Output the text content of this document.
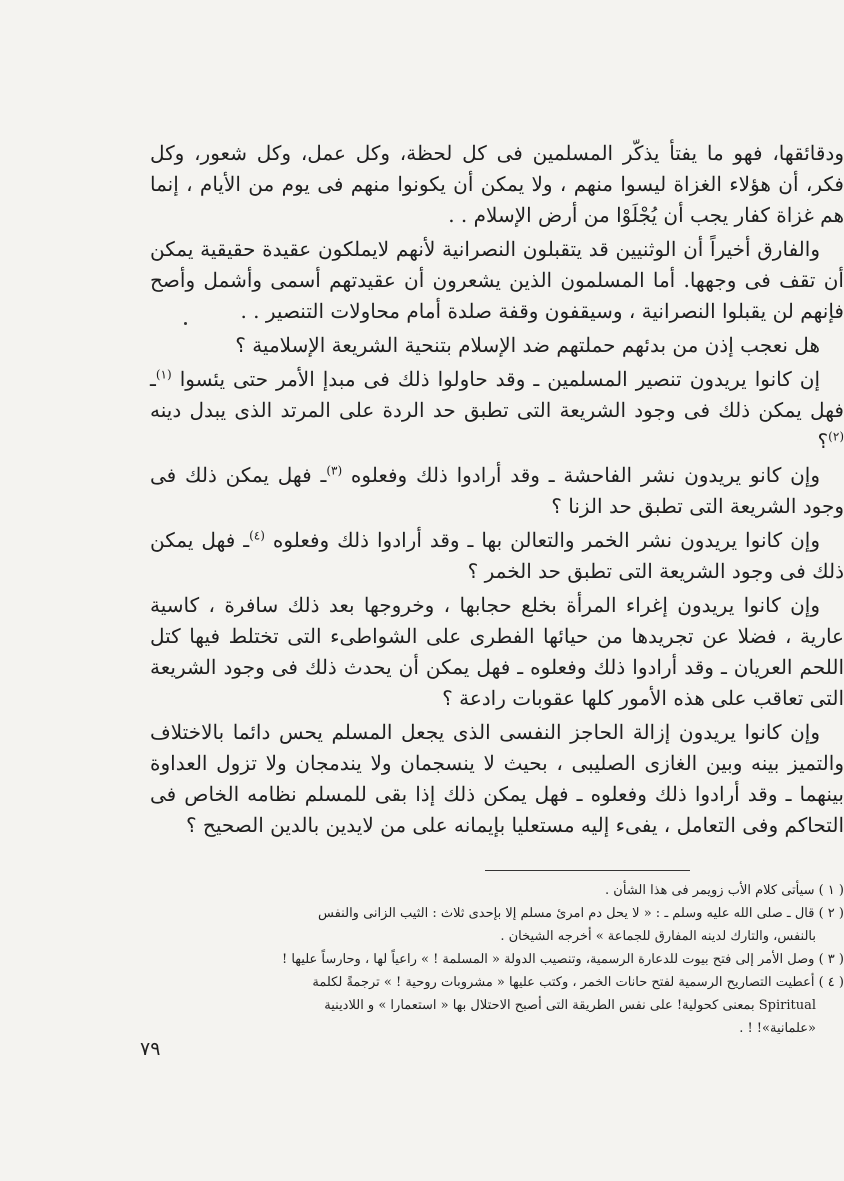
ودقائقها، فهو ما يفتأ يذكّر المسلمين فى كل لحظة، وكل عمل، وكل شعور، وكل فكر، أن هؤلاء الغزاة ليسوا منهم ، ولا يمكن أن يكونوا منهم فى يوم من الأيام ، إنما هم غزاة كفار يجب أن يُجْلَوْا من أرض الإسلام . .

والفارق أخيراً أن الوثنيين قد يتقبلون النصرانية لأنهم لايملكون عقيدة حقيقية يمكن أن تقف فى وجهها. أما المسلمون الذين يشعرون أن عقيدتهم أسمى وأشمل وأصح فإنهم لن يقبلوا النصرانية ، وسيقفون وقفة صلدة أمام محاولات التنصير . .

هل نعجب إذن من بدئهم حملتهم ضد الإسلام بتنحية الشريعة الإسلامية ؟

إن كانوا يريدون تنصير المسلمين ـ وقد حاولوا ذلك فى مبدإ الأمر حتى يئسوا $^{(١)}$ـ فهل يمكن ذلك فى وجود الشريعة التى تطبق حد الردة على المرتد الذى يبدل دينه $^{(٢)}$؟

وإن كانو يريدون نشر الفاحشة ـ وقد أرادوا ذلك وفعلوه $^{(٣)}$ـ فهل يمكن ذلك فى وجود الشريعة التى تطبق حد الزنا ؟

وإن كانوا يريدون نشر الخمر والتعالن بها ـ وقد أرادوا ذلك وفعلوه $^{(٤)}$ـ فهل يمكن ذلك فى وجود الشريعة التى تطبق حد الخمر ؟

وإن كانوا يريدون إغراء المرأة بخلع حجابها ، وخروجها بعد ذلك سافرة ، كاسية عارية ، فضلا عن تجريدها من حيائها الفطرى على الشواطىء التى تختلط فيها كتل اللحم العريان ـ وقد أرادوا ذلك وفعلوه ـ فهل يمكن أن يحدث ذلك فى وجود الشريعة التى تعاقب على هذه الأمور كلها عقوبات رادعة ؟

وإن كانوا يريدون إزالة الحاجز النفسى الذى يجعل المسلم يحس دائما بالاختلاف والتميز بينه وبين الغازى الصليبى ، بحيث لا ينسجمان ولا يندمجان ولا تزول العداوة بينهما ـ وقد أرادوا ذلك وفعلوه ـ فهل يمكن ذلك إذا بقى للمسلم نظامه الخاص فى التحاكم وفى التعامل ، يفىء إليه مستعليا بإيمانه على من لايدين بالدين الصحيح ؟

( ١ ) سيأتى كلام الأب زويمر فى هذا الشأن .

( ٢ ) قال ـ صلى الله عليه وسلم ـ : « لا يحل دم امرئ مسلم إلا بإحدى ثلاث : الثيب الزانى والنفس

بالنفس، والتارك لدينه المفارق للجماعة » أخرجه الشيخان .

( ٣ ) وصل الأمر إلى فتح بيوت للدعارة الرسمية، وتنصيب الدولة « المسلمة ! » راعياً لها ، وحارساً عليها !

( ٤ ) أعطيت التصاريح الرسمية لفتح حانات الخمر ، وكتب عليها « مشروبات روحية ! » ترجمةً لكلمة

Spiritual بمعنى كحولية! على نفس الطريقة التى أصبح الاحتلال بها « استعمارا » و اللادينية

«علمانية»! ! .

٧٩
